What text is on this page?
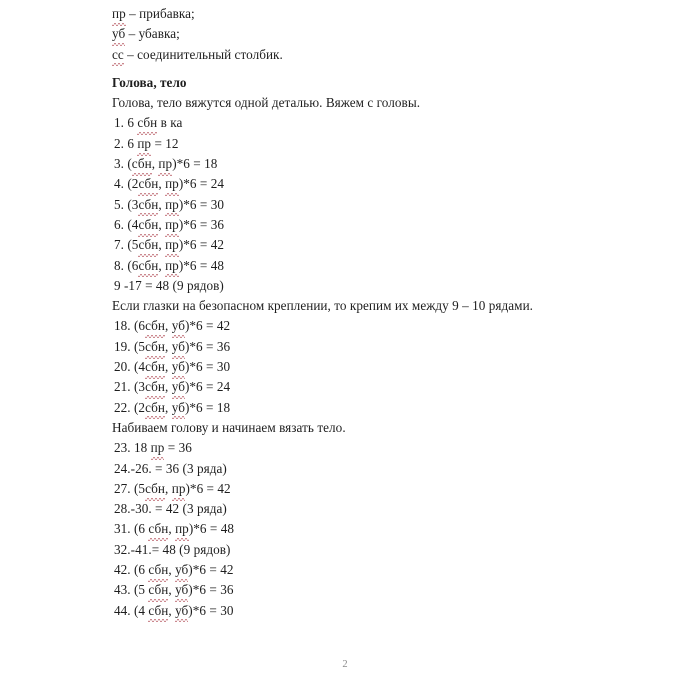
пр – прибавка;
уб – убавка;
сс – соединительный столбик.
Голова, тело
Голова, тело вяжутся одной деталью. Вяжем с головы.
1. 6 сбн в ка
2. 6 пр = 12
3. (сбн, пр)*6 = 18
4. (2сбн, пр)*6 = 24
5. (3сбн, пр)*6 = 30
6. (4сбн, пр)*6 = 36
7. (5сбн, пр)*6 = 42
8. (6сбн, пр)*6 = 48
9 -17 = 48 (9 рядов)
Если глазки на безопасном креплении, то крепим их между 9 – 10 рядами.
18. (6сбн, уб)*6 = 42
19. (5сбн, уб)*6 = 36
20. (4сбн, уб)*6 = 30
21. (3сбн, уб)*6 = 24
22. (2сбн, уб)*6 = 18
Набиваем голову и начинаем вязать тело.
23. 18 пр = 36
24.-26. = 36 (3 ряда)
27. (5сбн, пр)*6 = 42
28.-30. = 42 (3 ряда)
31. (6 сбн, пр)*6 = 48
32.-41.= 48 (9 рядов)
42. (6 сбн, уб)*6 = 42
43. (5 сбн, уб)*6 = 36
44. (4 сбн, уб)*6 = 30
2
